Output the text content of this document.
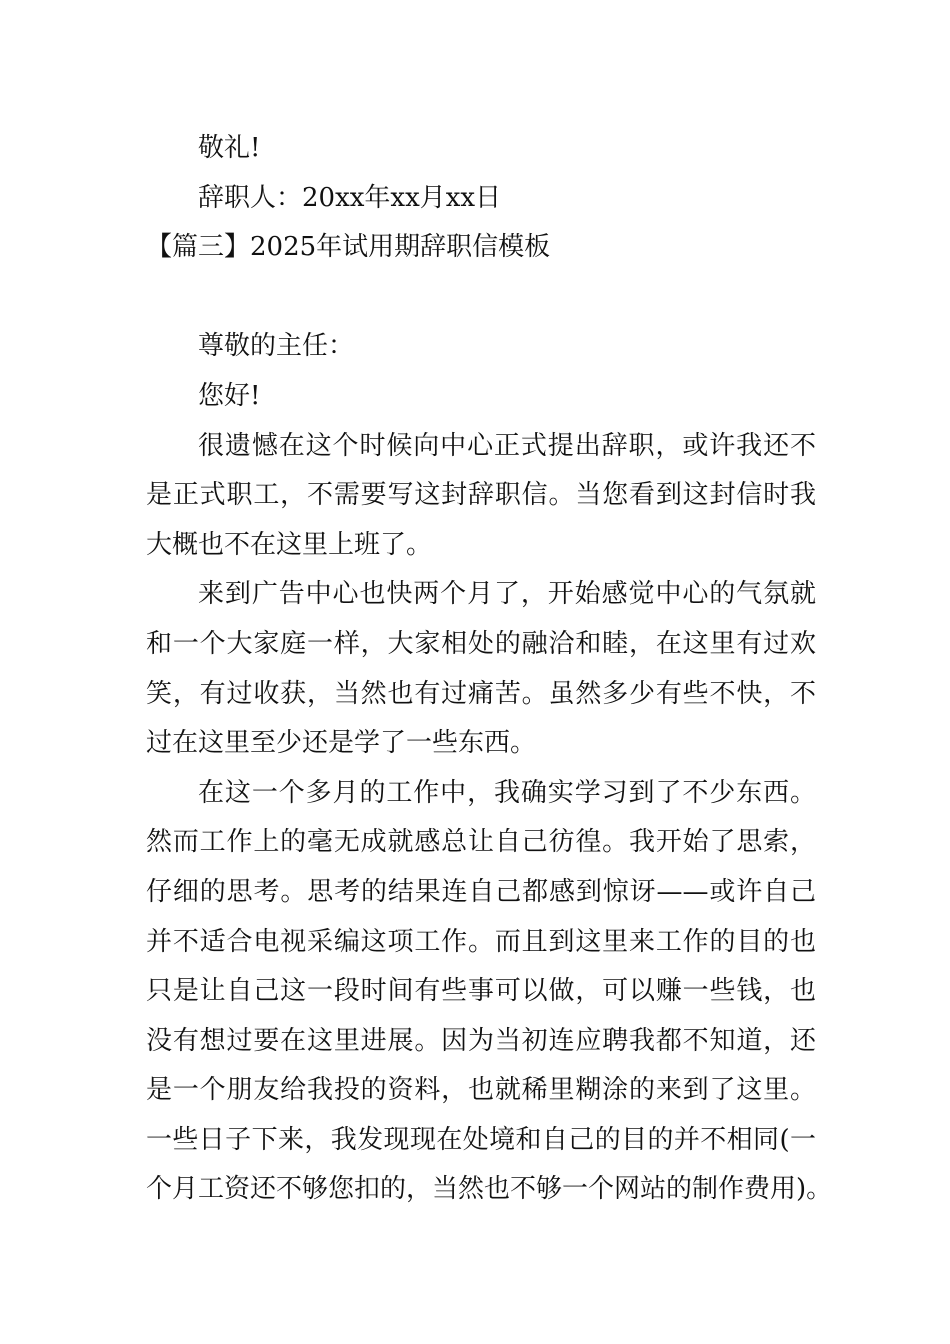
敬礼!
辞职人：20xx年xx月xx日
【篇三】2025年试用期辞职信模板
尊敬的主任：
您好!
很遗憾在这个时候向中心正式提出辞职，或许我还不
是正式职工，不需要写这封辞职信。当您看到这封信时我
大概也不在这里上班了。
来到广告中心也快两个月了，开始感觉中心的气氛就
和一个大家庭一样，大家相处的融洽和睦，在这里有过欢
笑，有过收获，当然也有过痛苦。虽然多少有些不快，不
过在这里至少还是学了一些东西。
在这一个多月的工作中，我确实学习到了不少东西。
然而工作上的毫无成就感总让自己彷徨。我开始了思索，
仔细的思考。思考的结果连自己都感到惊讶——或许自己
并不适合电视采编这项工作。而且到这里来工作的目的也
只是让自己这一段时间有些事可以做，可以赚一些钱，也
没有想过要在这里进展。因为当初连应聘我都不知道，还
是一个朋友给我投的资料，也就稀里糊涂的来到了这里。
一些日子下来，我发现现在处境和自己的目的并不相同(一
个月工资还不够您扣的，当然也不够一个网站的制作费用)。
